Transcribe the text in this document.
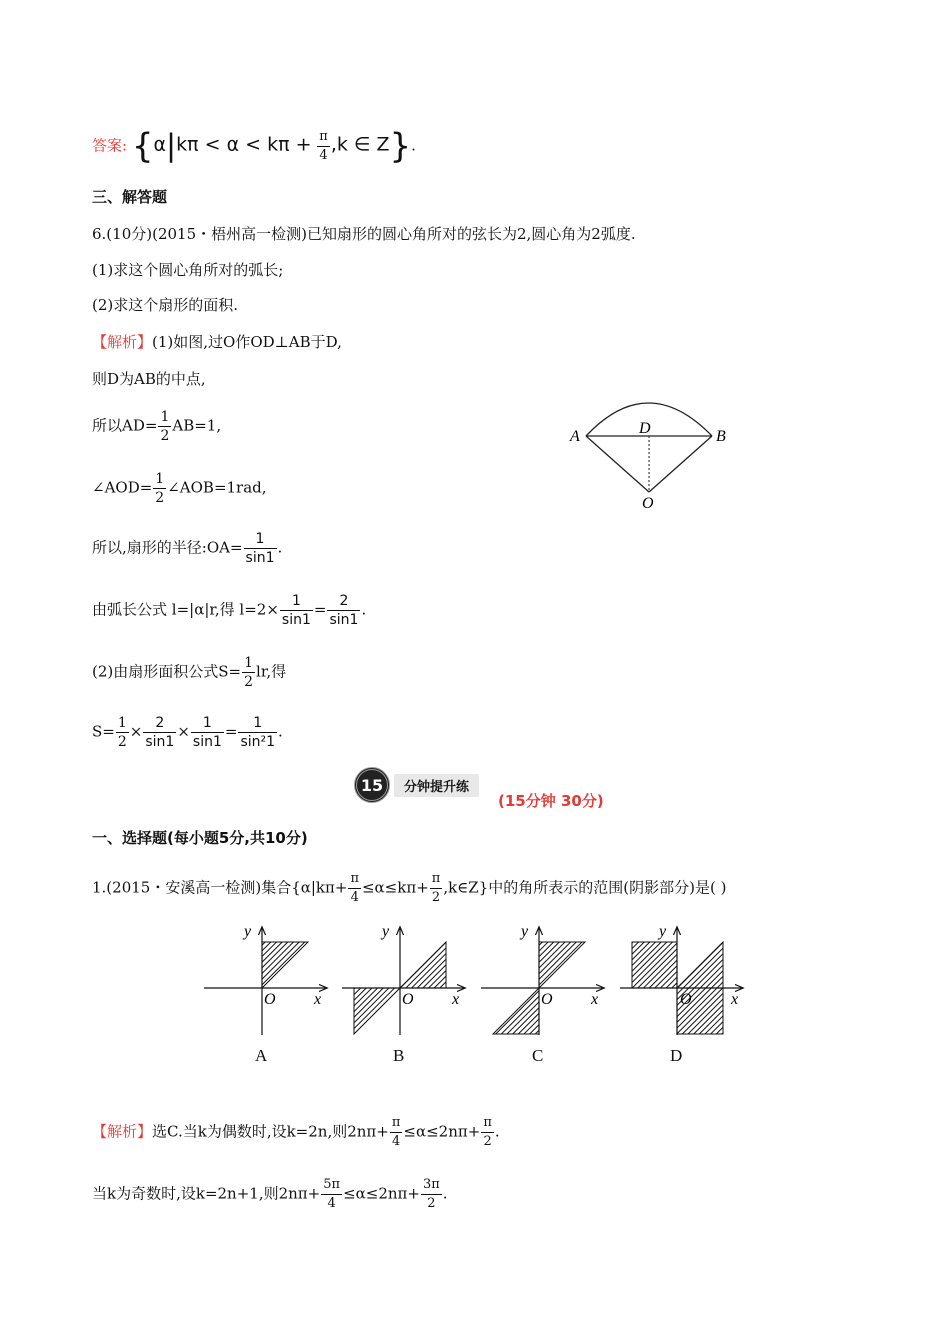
答案: {$\alpha|k\pi < \alpha < k\pi + \frac{\pi}{4} ,k$ ∈ Z}.
三、解答题
6.(10分)(2015・梧州高一检测)已知扇形的圆心角所对的弦长为2,圆心角为2弧度.
(1)求这个圆心角所对的弧长;
(2)求这个扇形的面积.
【解析】(1)如图,过O作OD⊥AB于D,
则D为AB的中点,
所以$AD= \frac{1}{2} AB=1$,
∠AOD= $\frac{1}{2}$ ∠AOB=1rad,
所以,扇形的半径:OA= $\frac{1}{\sin 1}$ .
由弧长公式 l=|α|r,得 $l=2\times \frac{1}{\sin 1} = \frac{2}{\sin 1}$ .
(2)由扇形面积公式$S= \frac{1}{2}$ lr,得
$S= \frac{1}{2} \times \frac{2}{\sin 1} \times \frac{1}{\sin 1} = \frac{1}{\text{sin²1}}$ .
A	B
D
O
15	分钟提升练
(15分钟 30分)
一、选择题(每小题5分,共10分)
1.(2015・安溪高一检测)集合{$\alpha|k\pi+ \frac{\pi}{4} \le\alpha\le k\pi+ \frac{\pi}{2}$ ,k∈Z}中的角所表示的范围(阴影部分)是( )
y
x
O
y
x
O
y
x
O
y
x
O
A	B	C	D
【解析】选C.当k为偶数时,设k=2n,则$2n\pi+ \frac{\pi}{4} \le\alpha\le 2n\pi+ \frac{\pi}{2}$ .
当k为奇数时,设k=2n+1,则$2n\pi+ \frac{5\pi}{4} \le\alpha\le 2n\pi+ \frac{3\pi}{2}$ .
